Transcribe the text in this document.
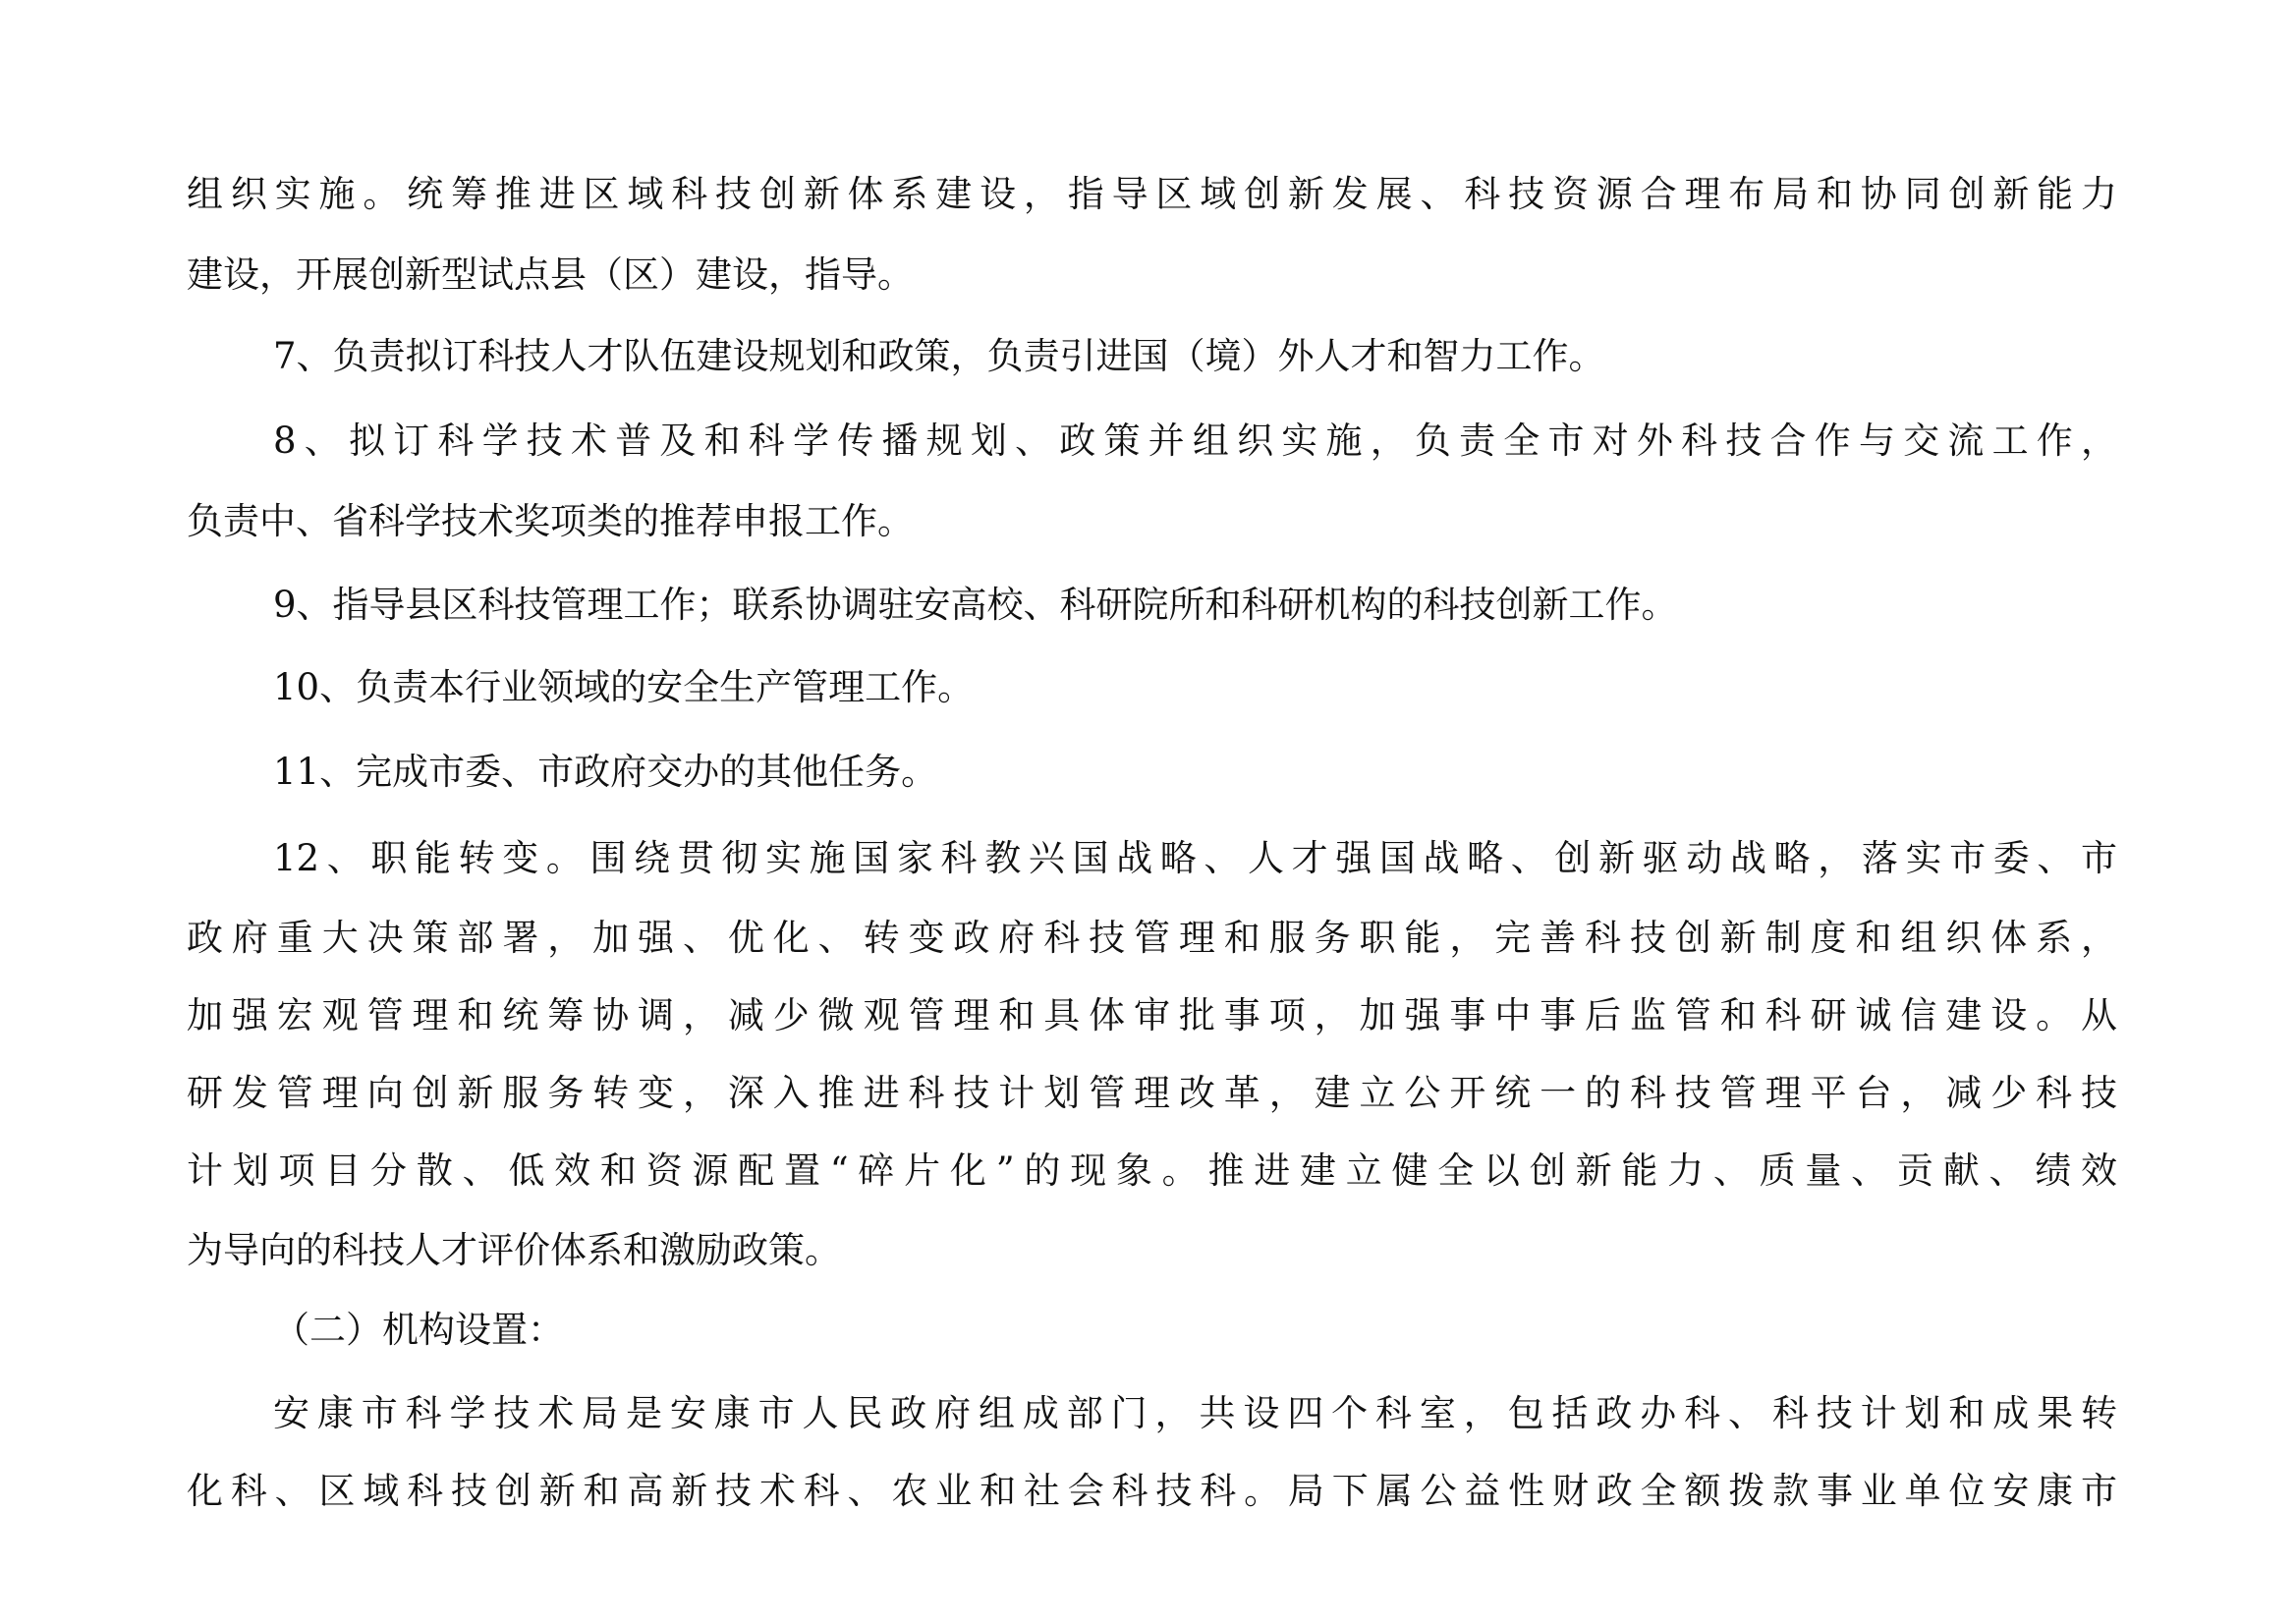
组织实施。统筹推进区域科技创新体系建设，指导区域创新发展、科技资源合理布局和协同创新能力
建设，开展创新型试点县（区）建设，指导。
7、负责拟订科技人才队伍建设规划和政策，负责引进国（境）外人才和智力工作。
8、拟订科学技术普及和科学传播规划、政策并组织实施，负责全市对外科技合作与交流工作，
负责中、省科学技术奖项类的推荐申报工作。
9、指导县区科技管理工作；联系协调驻安高校、科研院所和科研机构的科技创新工作。
10、负责本行业领域的安全生产管理工作。
11、完成市委、市政府交办的其他任务。
12、职能转变。围绕贯彻实施国家科教兴国战略、人才强国战略、创新驱动战略，落实市委、市
政府重大决策部署，加强、优化、转变政府科技管理和服务职能，完善科技创新制度和组织体系，
加强宏观管理和统筹协调，减少微观管理和具体审批事项，加强事中事后监管和科研诚信建设。从
研发管理向创新服务转变，深入推进科技计划管理改革，建立公开统一的科技管理平台，减少科技
计划项目分散、低效和资源配置“碎片化”的现象。推进建立健全以创新能力、质量、贡献、绩效
为导向的科技人才评价体系和激励政策。
（二）机构设置：
安康市科学技术局是安康市人民政府组成部门，共设四个科室，包括政办科、科技计划和成果转
化科、区域科技创新和高新技术科、农业和社会科技科。局下属公益性财政全额拨款事业单位安康市
